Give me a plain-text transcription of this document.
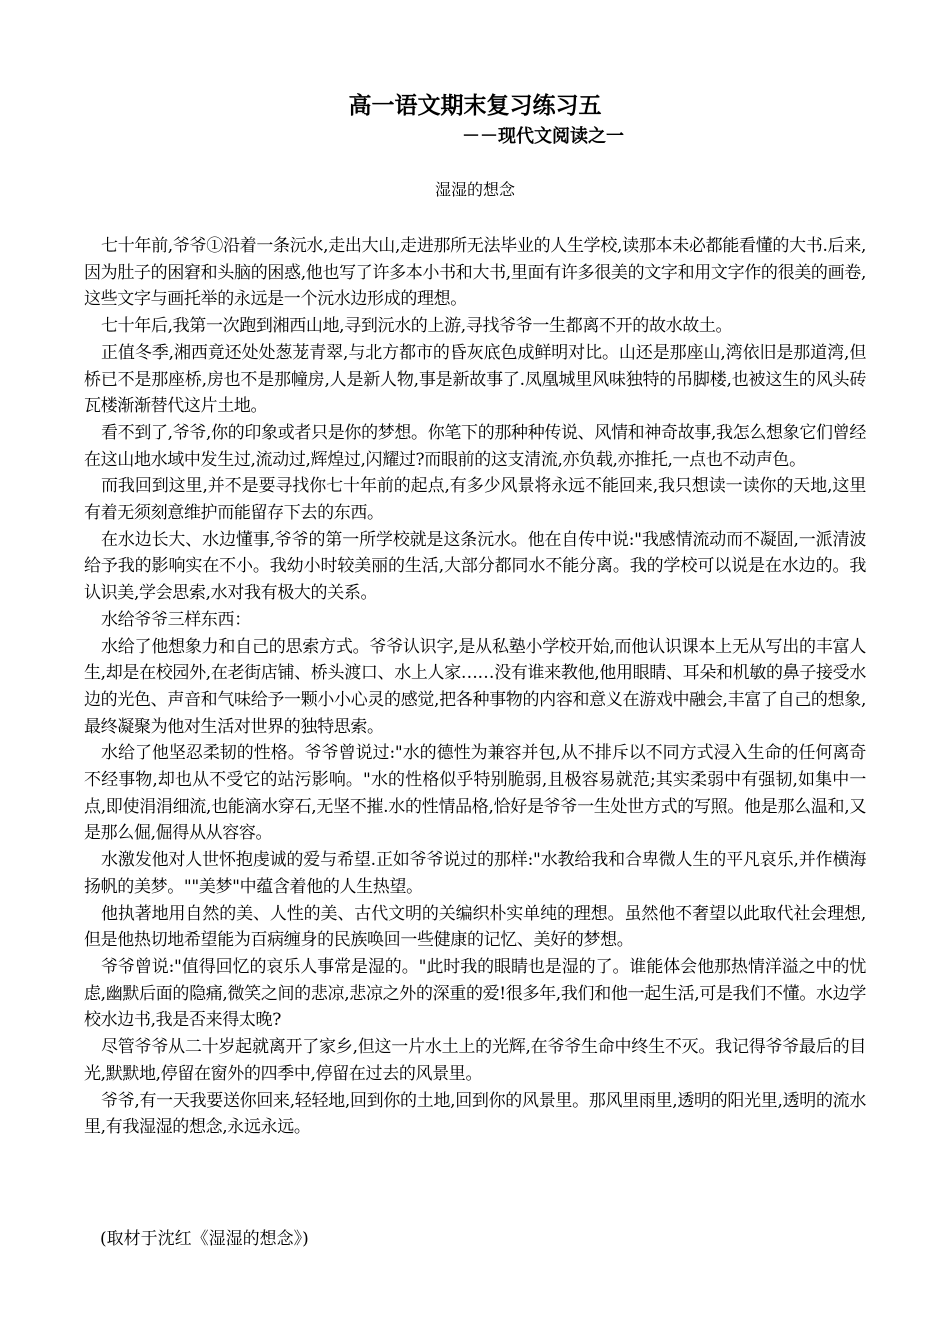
高一语文期末复习练习五
－－现代文阅读之一
湿湿的想念

七十年前,爷爷①沿着一条沅水,走出大山,走进那所无法毕业的人生学校,读那本未必都能看懂的大书.后来,因为肚子的困窘和头脑的困惑,他也写了许多本小书和大书,里面有许多很美的文字和用文字作的很美的画卷,这些文字与画托举的永远是一个沅水边形成的理想。

七十年后,我第一次跑到湘西山地,寻到沅水的上游,寻找爷爷一生都离不开的故水故土。

正值冬季,湘西竟还处处葱茏青翠,与北方都市的昏灰底色成鲜明对比。山还是那座山,湾依旧是那道湾,但桥已不是那座桥,房也不是那幢房,人是新人物,事是新故事了.凤凰城里风味独特的吊脚楼,也被这生的风头砖瓦楼渐渐替代这片土地。

看不到了,爷爷,你的印象或者只是你的梦想。你笔下的那种种传说、风情和神奇故事,我怎么想象它们曾经在这山地水域中发生过,流动过,辉煌过,闪耀过?而眼前的这支清流,亦负载,亦推托,一点也不动声色。

而我回到这里,并不是要寻找你七十年前的起点,有多少风景将永远不能回来,我只想读一读你的天地,这里有着无须刻意维护而能留存下去的东西。

在水边长大、水边懂事,爷爷的第一所学校就是这条沅水。他在自传中说:"我感情流动而不凝固,一派清波给予我的影响实在不小。我幼小时较美丽的生活,大部分都同水不能分离。我的学校可以说是在水边的。我认识美,学会思索,水对我有极大的关系。

水给爷爷三样东西：

水给了他想象力和自己的思索方式。爷爷认识字,是从私塾小学校开始,而他认识课本上无从写出的丰富人生,却是在校园外,在老街店铺、桥头渡口、水上人家……没有谁来教他,他用眼睛、耳朵和机敏的鼻子接受水边的光色、声音和气味给予一颗小小心灵的感觉,把各种事物的内容和意义在游戏中融会,丰富了自己的想象,最终凝聚为他对生活对世界的独特思索。

水给了他坚忍柔韧的性格。爷爷曾说过:"水的德性为兼容并包,从不排斥以不同方式浸入生命的任何离奇不经事物,却也从不受它的站污影响。"水的性格似乎特别脆弱,且极容易就范;其实柔弱中有强韧,如集中一点,即使涓涓细流,也能滴水穿石,无坚不摧.水的性情品格,恰好是爷爷一生处世方式的写照。他是那么温和,又是那么倔,倔得从从容容。

水激发他对人世怀抱虔诚的爱与希望.正如爷爷说过的那样:"水教给我和合卑微人生的平凡哀乐,并作横海扬帆的美梦。""美梦"中蕴含着他的人生热望。

他执著地用自然的美、人性的美、古代文明的关编织朴实单纯的理想。虽然他不奢望以此取代社会理想,但是他热切地希望能为百病缠身的民族唤回一些健康的记忆、美好的梦想。

爷爷曾说:"值得回忆的哀乐人事常是湿的。"此时我的眼睛也是湿的了。谁能体会他那热情洋溢之中的忧虑,幽默后面的隐痛,微笑之间的悲凉,悲凉之外的深重的爱!很多年,我们和他一起生活,可是我们不懂。水边学校水边书,我是否来得太晚?

尽管爷爷从二十岁起就离开了家乡,但这一片水土上的光辉,在爷爷生命中终生不灭。我记得爷爷最后的目光,默默地,停留在窗外的四季中,停留在过去的风景里。

爷爷,有一天我要送你回来,轻轻地,回到你的土地,回到你的风景里。那风里雨里,透明的阳光里,透明的流水里,有我湿湿的想念,永远永远。

(取材于沈红《湿湿的想念》)
